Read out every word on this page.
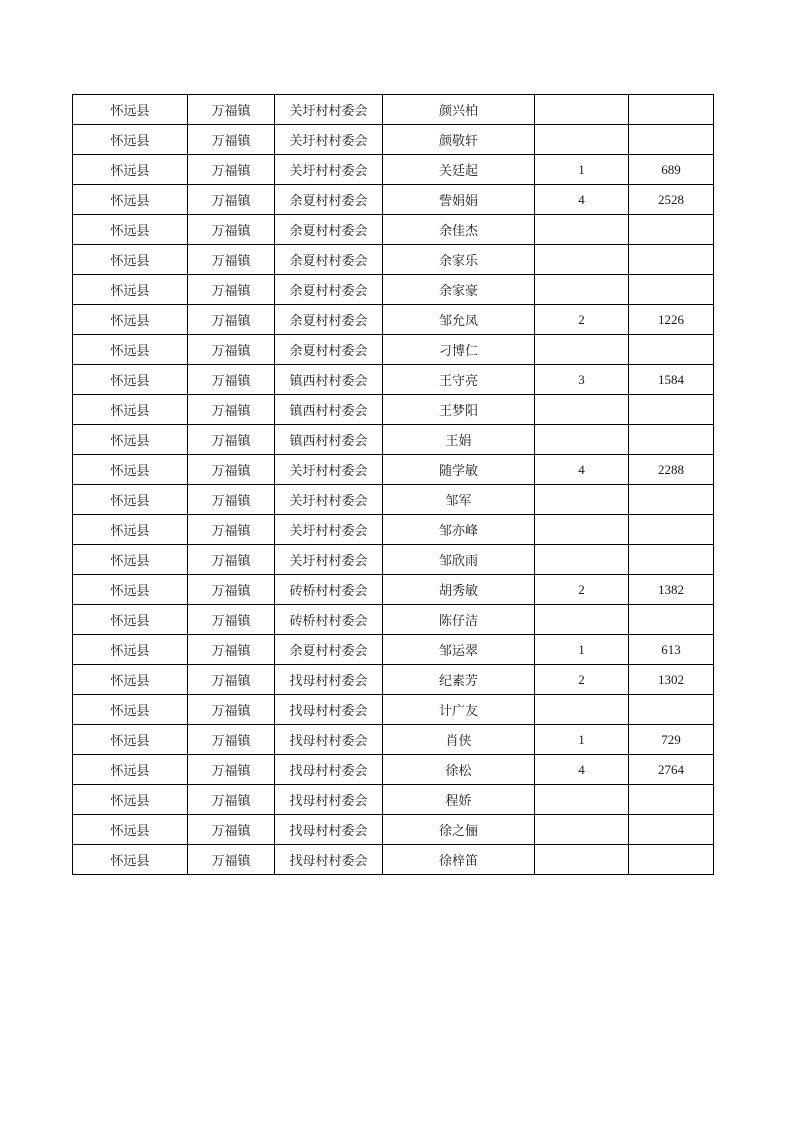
怀远县	万福镇	关圩村村委会	颜兴柏		
怀远县	万福镇	关圩村村委会	颜敬轩		
怀远县	万福镇	关圩村村委会	关廷起	1	689
怀远县	万福镇	余夏村村委会	訾娟娟	4	2528
怀远县	万福镇	余夏村村委会	余佳杰		
怀远县	万福镇	余夏村村委会	余家乐		
怀远县	万福镇	余夏村村委会	余家豪		
怀远县	万福镇	余夏村村委会	邹允凤	2	1226
怀远县	万福镇	余夏村村委会	刁博仁		
怀远县	万福镇	镇西村村委会	王守亮	3	1584
怀远县	万福镇	镇西村村委会	王梦阳		
怀远县	万福镇	镇西村村委会	王娟		
怀远县	万福镇	关圩村村委会	随学敏	4	2288
怀远县	万福镇	关圩村村委会	邹军		
怀远县	万福镇	关圩村村委会	邹亦峰		
怀远县	万福镇	关圩村村委会	邹欣雨		
怀远县	万福镇	砖桥村村委会	胡秀敏	2	1382
怀远县	万福镇	砖桥村村委会	陈仔洁		
怀远县	万福镇	余夏村村委会	邹运翠	1	613
怀远县	万福镇	找母村村委会	纪素芳	2	1302
怀远县	万福镇	找母村村委会	计广友		
怀远县	万福镇	找母村村委会	肖侠	1	729
怀远县	万福镇	找母村村委会	徐松	4	2764
怀远县	万福镇	找母村村委会	程娇		
怀远县	万福镇	找母村村委会	徐之俪		
怀远县	万福镇	找母村村委会	徐梓笛		
